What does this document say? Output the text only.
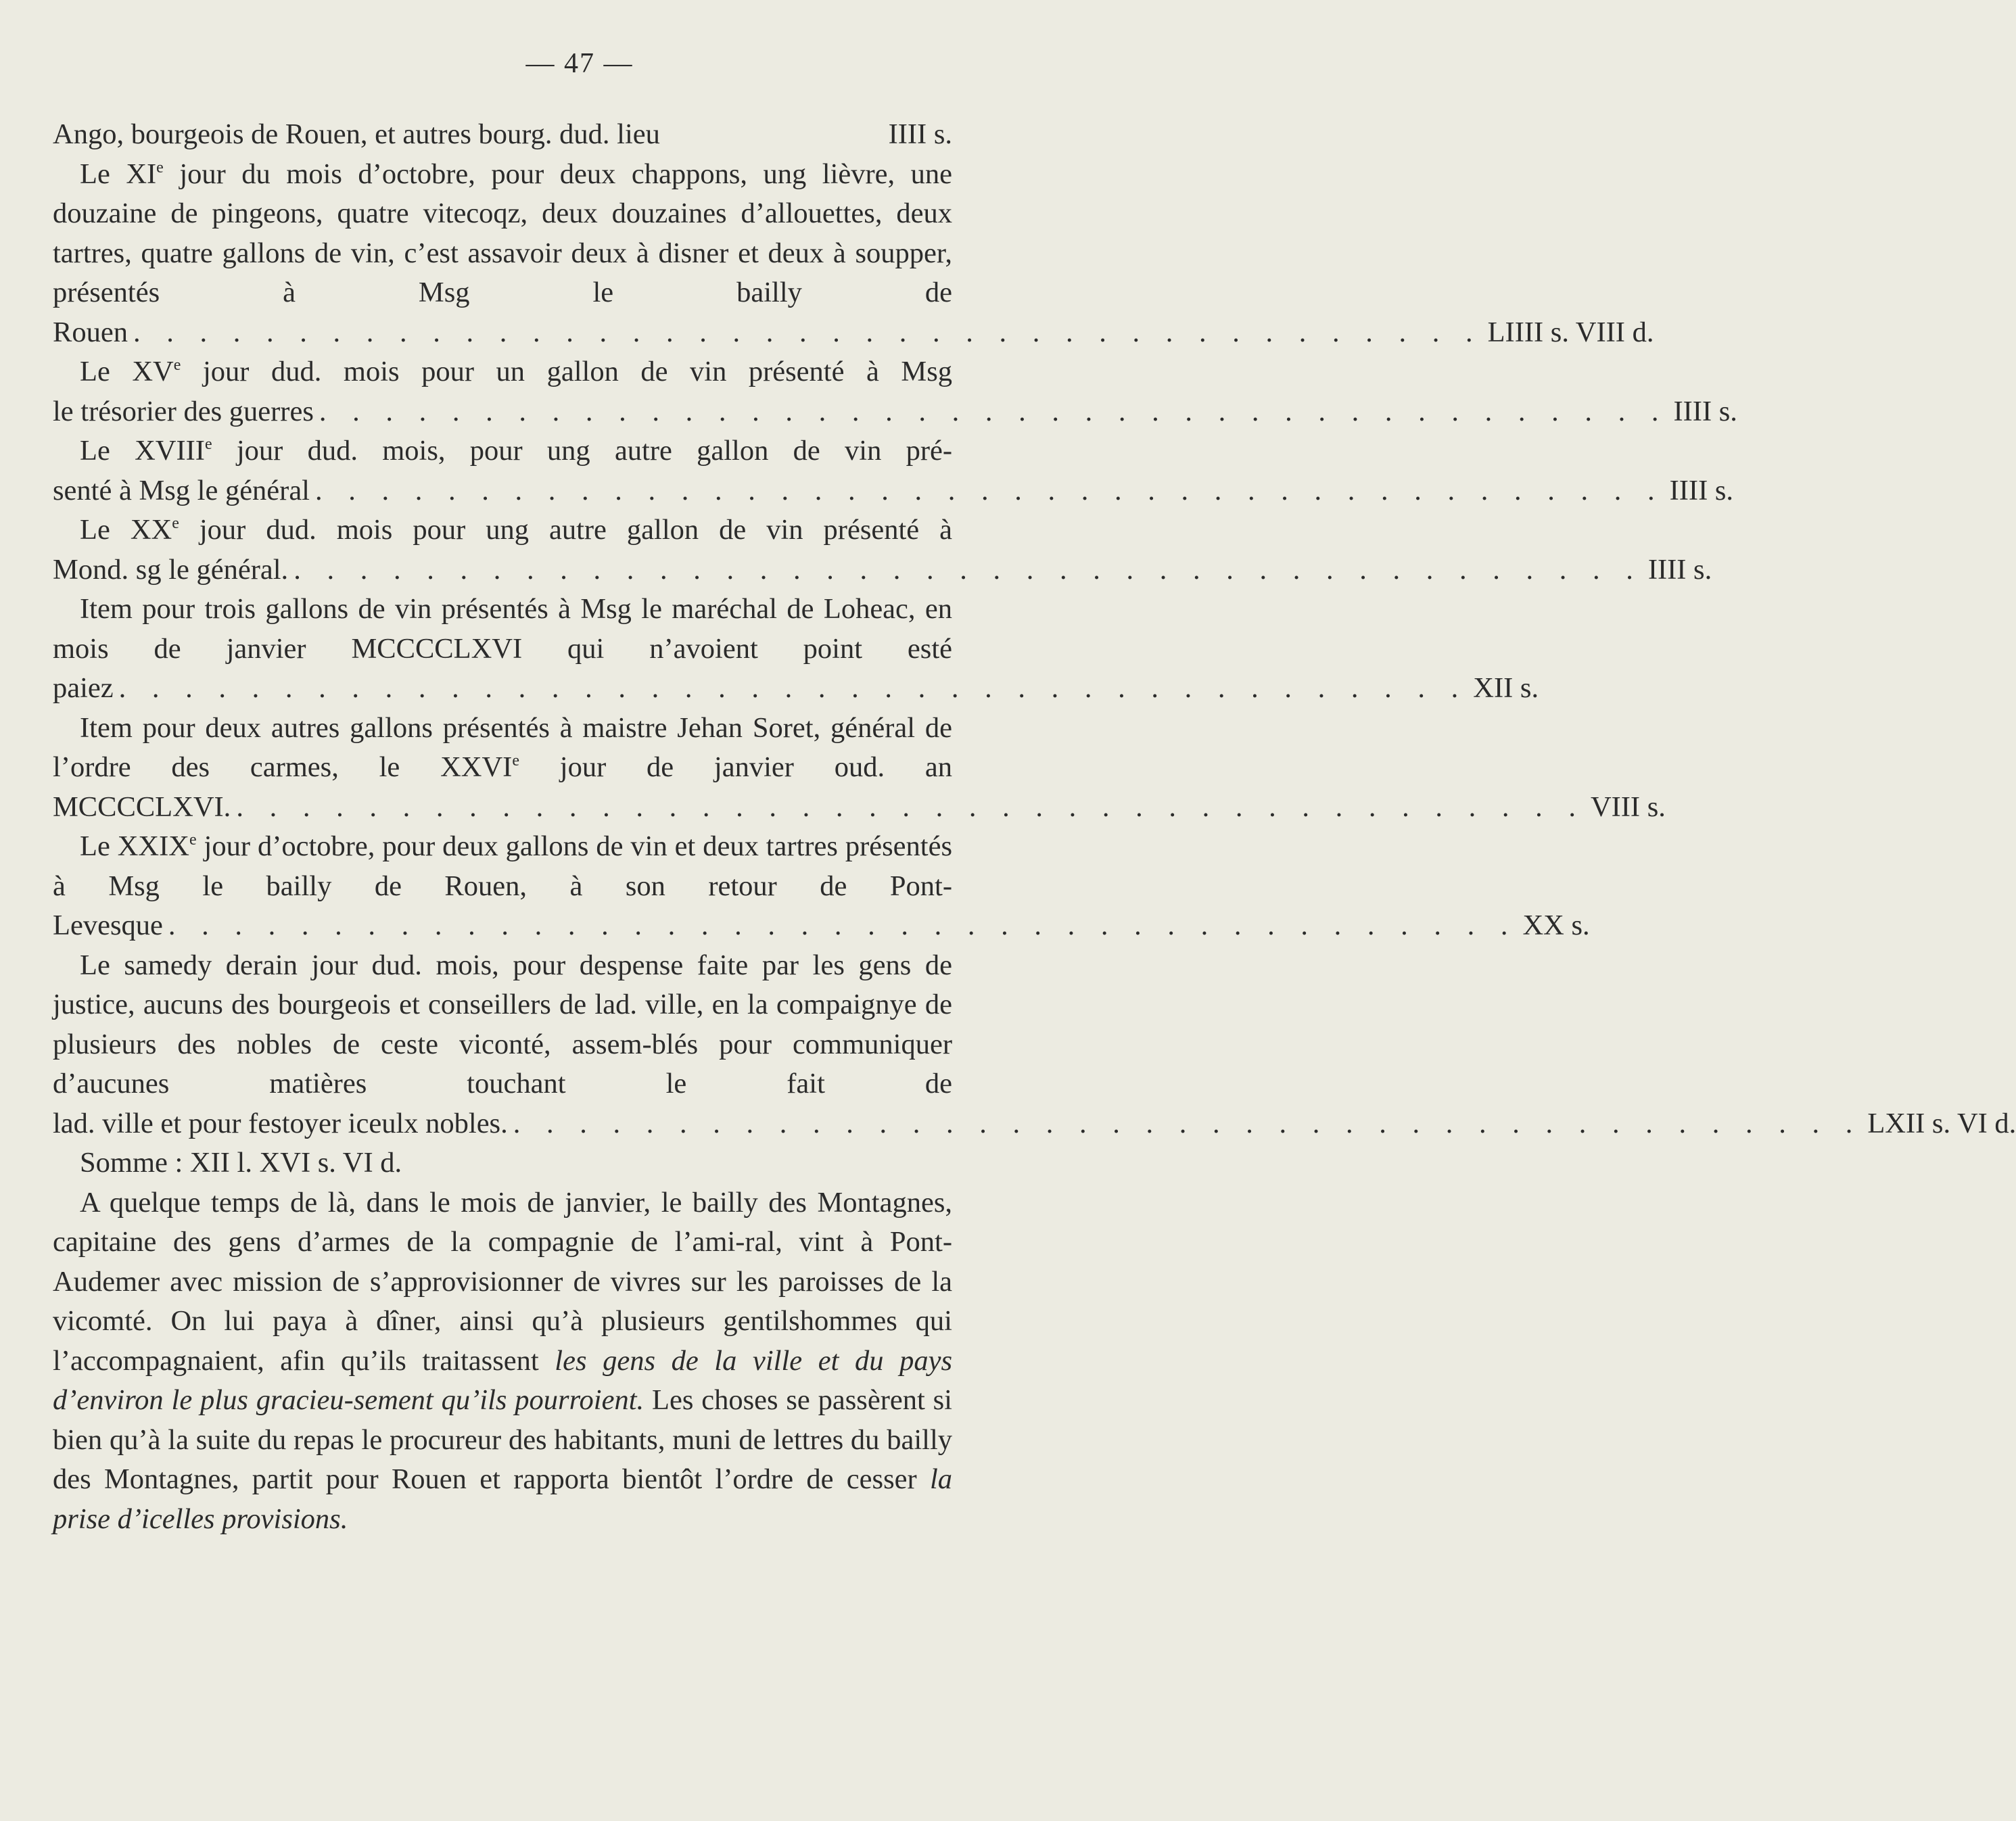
— 47 —
Ango, bourgeois de Rouen, et autres bourg. dud. lieu	IIII s.

Le XIe jour du mois d’octobre, pour deux chappons, ung lièvre, une douzaine de pingeons, quatre vitecoqz, deux douzaines d’allouettes, deux tartres, quatre gallons de vin, c’est assavoir deux à disner et deux à soupper, présentés à Msg le bailly de

Rouen . . . . . . . . . . . . . . . . . . . . . . . . . . . . . . . . . . . . . . . . . LIIII s. VIII d.

Le XVe jour dud. mois pour un gallon de vin présenté à Msg

le trésorier des guerres . . . . . . . . . . . . . . . . . . . . . . . . . . . . . . . . . . . . . . . . . IIII s.

Le XVIIIe jour dud. mois, pour ung autre gallon de vin pré-

senté à Msg le général . . . . . . . . . . . . . . . . . . . . . . . . . . . . . . . . . . . . . . . . . IIII s.

Le XXe jour dud. mois pour ung autre gallon de vin présenté à

Mond. sg le général. . . . . . . . . . . . . . . . . . . . . . . . . . . . . . . . . . . . . . . . . . IIII s.

Item pour trois gallons de vin présentés à Msg le maréchal de Loheac, en mois de janvier MCCCCLXVI qui n’avoient point esté

paiez . . . . . . . . . . . . . . . . . . . . . . . . . . . . . . . . . . . . . . . . . XII s.

Item pour deux autres gallons présentés à maistre Jehan Soret, général de l’ordre des carmes, le XXVIe jour de janvier oud. an

MCCCCLXVI. . . . . . . . . . . . . . . . . . . . . . . . . . . . . . . . . . . . . . . . . . VIII s.

Le XXIXe jour d’octobre, pour deux gallons de vin et deux tartres présentés à Msg le bailly de Rouen, à son retour de Pont-

Levesque . . . . . . . . . . . . . . . . . . . . . . . . . . . . . . . . . . . . . . . . . XX s.

Le samedy derain jour dud. mois, pour despense faite par les gens de justice, aucuns des bourgeois et conseillers de lad. ville, en la compaignye de plusieurs des nobles de ceste viconté, assem-blés pour communiquer d’aucunes matières touchant le fait de

lad. ville et pour festoyer iceulx nobles. . . . . . . . . . . . . . . . . . . . . . . . . . . . . . . . . . . . . . . . . . LXII s. VI d.
Somme : XII l. XVI s. VI d.

A quelque temps de là, dans le mois de janvier, le bailly des Montagnes, capitaine des gens d’armes de la compagnie de l’ami-ral, vint à Pont-Audemer avec mission de s’approvisionner de vivres sur les paroisses de la vicomté. On lui paya à dîner, ainsi qu’à plusieurs gentilshommes qui l’accompagnaient, afin qu’ils traitassent les gens de la ville et du pays d’environ le plus gracieu-sement qu’ils pourroient. Les choses se passèrent si bien qu’à la suite du repas le procureur des habitants, muni de lettres du bailly des Montagnes, partit pour Rouen et rapporta bientôt l’ordre de cesser la prise d’icelles provisions.
